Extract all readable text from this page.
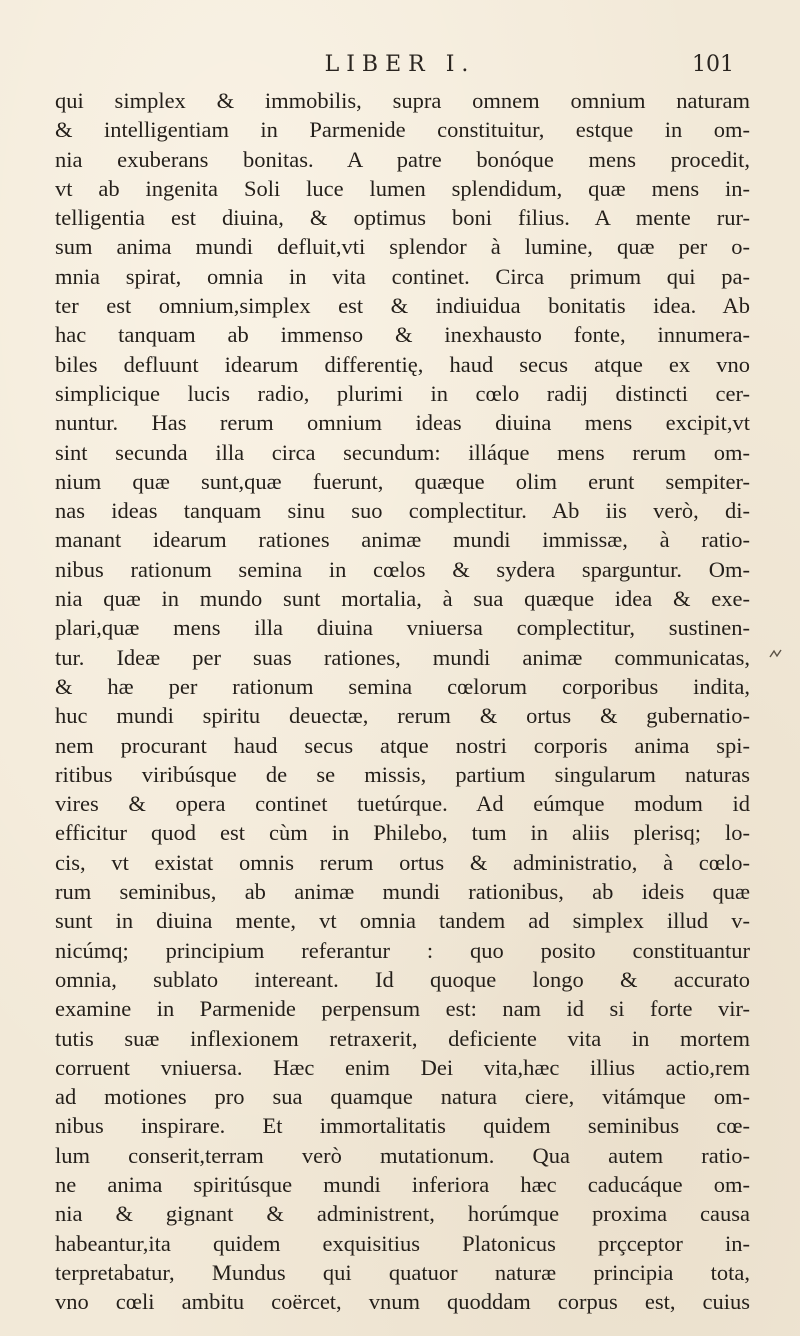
LIBER I.	101
qui simplex & immobilis, supra omnem omnium naturam
& intelligentiam in Parmenide constituitur, estque in om-
nia exuberans bonitas. A patre bonóque mens procedit,
vt ab ingenita Soli luce lumen splendidum, quæ mens in-
telligentia est diuina, & optimus boni filius. A mente rur-
sum anima mundi defluit,vti splendor à lumine, quæ per o-
mnia spirat, omnia in vita continet. Circa primum qui pa-
ter est omnium,simplex est & indiuidua bonitatis idea. Ab
hac tanquam ab immenso & inexhausto fonte, innumera-
biles defluunt idearum differentię, haud secus atque ex vno
simplicique lucis radio, plurimi in cœlo radij distincti cer-
nuntur. Has rerum omnium ideas diuina mens excipit,vt
sint secunda illa circa secundum: illáque mens rerum om-
nium quæ sunt,quæ fuerunt, quæque olim erunt sempiter-
nas ideas tanquam sinu suo complectitur. Ab iis verò, di-
manant idearum rationes animæ mundi immissæ, à ratio-
nibus rationum semina in cœlos & sydera sparguntur. Om-
nia quæ in mundo sunt mortalia, à sua quæque idea & exe-
plari,quæ mens illa diuina vniuersa complectitur, sustinen-
tur. Ideæ per suas rationes, mundi animæ communicatas,
& hæ per rationum semina cœlorum corporibus indita,
huc mundi spiritu deuectæ, rerum & ortus & gubernatio-
nem procurant haud secus atque nostri corporis anima spi-
ritibus viribúsque de se missis, partium singularum naturas
vires & opera continet tuetúrque. Ad eúmque modum id
efficitur quod est cùm in Philebo, tum in aliis plerisq; lo-
cis, vt existat omnis rerum ortus & administratio, à cœlo-
rum seminibus, ab animæ mundi rationibus, ab ideis quæ
sunt in diuina mente, vt omnia tandem ad simplex illud v-
nicúmq; principium referantur : quo posito constituantur
omnia, sublato intereant. Id quoque longo & accurato
examine in Parmenide perpensum est: nam id si forte vir-
tutis suæ inflexionem retraxerit, deficiente vita in mortem
corruent vniuersa. Hæc enim Dei vita,hæc illius actio,rem
ad motiones pro sua quamque natura ciere, vitámque om-
nibus inspirare. Et immortalitatis quidem seminibus cœ-
lum conserit,terram verò mutationum. Qua autem ratio-
ne anima spiritúsque mundi inferiora hæc caducáque om-
nia & gignant & administrent, horúmque proxima causa
habeantur,ita quidem exquisitius Platonicus prçceptor in-
terpretabatur, Mundus qui quatuor naturæ principia tota,
vno cœli ambitu coërcet, vnum quoddam corpus est, cuius
